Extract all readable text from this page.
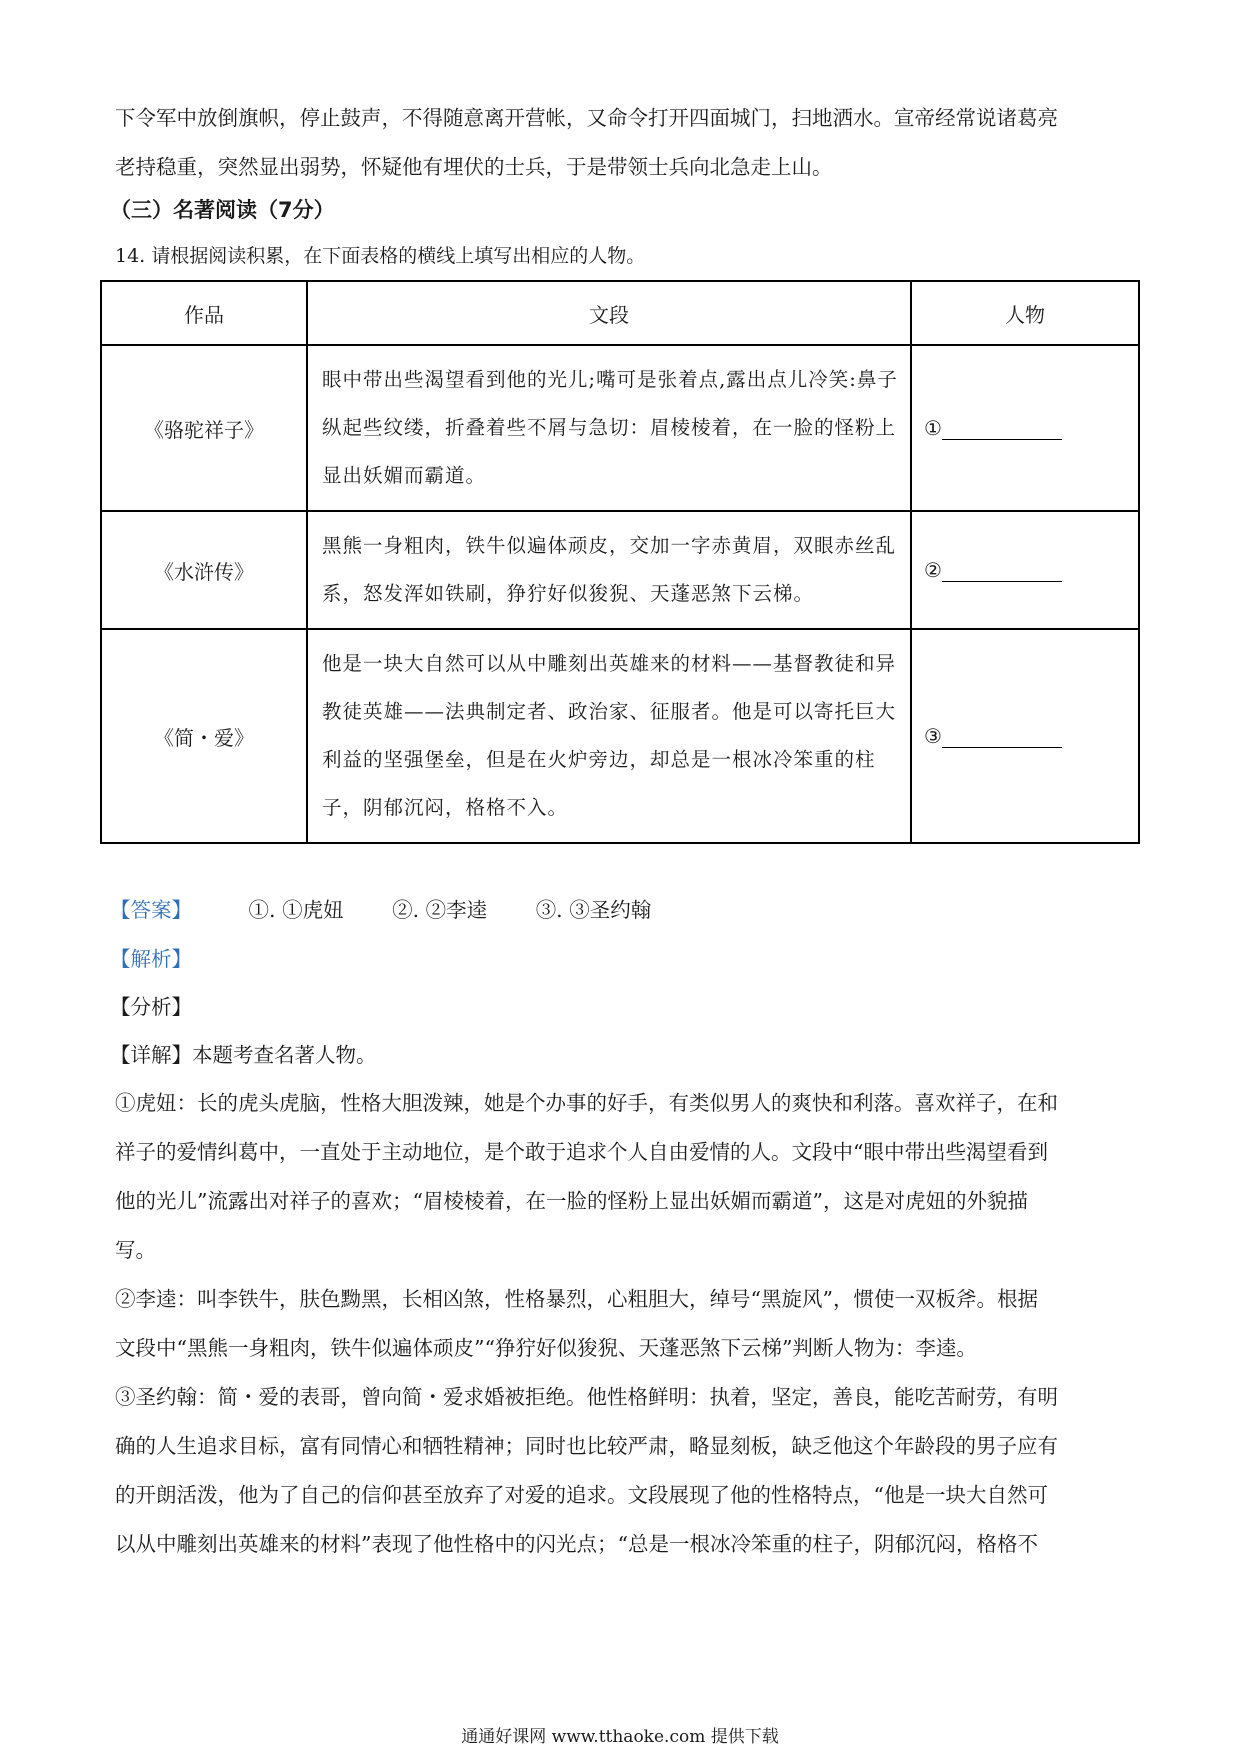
下令军中放倒旗帜，停止鼓声，不得随意离开营帐，又命令打开四面城门，扫地洒水。宣帝经常说诸葛亮
老持稳重，突然显出弱势，怀疑他有埋伏的士兵，于是带领士兵向北急走上山。
（三）名著阅读（7分）
14. 请根据阅读积累，在下面表格的横线上填写出相应的人物。
作品	文段	人物
《骆驼祥子》	眼中带出些渴望看到他的光儿;嘴可是张着点,露出点儿冷笑:鼻子纵起些纹缕，折叠着些不屑与急切：眉棱棱着，在一脸的怪粉上显出妖媚而霸道。	①
《水浒传》	黑熊一身粗肉，铁牛似遍体顽皮，交加一字赤黄眉，双眼赤丝乱系，怒发浑如铁刷，狰狞好似狻猊、天蓬恶煞下云梯。	②
《简・爱》	他是一块大自然可以从中雕刻出英雄来的材料——基督教徒和异教徒英雄——法典制定者、政治家、征服者。他是可以寄托巨大利益的坚强堡垒，但是在火炉旁边，却总是一根冰冷笨重的柱子，阴郁沉闷，格格不入。	③
【答案】	①. ①虎妞 ②. ②李逵 ③. ③圣约翰
【解析】
【分析】
【详解】本题考查名著人物。
①虎妞：长的虎头虎脑，性格大胆泼辣，她是个办事的好手，有类似男人的爽快和利落。喜欢祥子，在和
祥子的爱情纠葛中，一直处于主动地位，是个敢于追求个人自由爱情的人。文段中“眼中带出些渴望看到
他的光儿”流露出对祥子的喜欢；“眉棱棱着，在一脸的怪粉上显出妖媚而霸道”，这是对虎妞的外貌描
写。
②李逵：叫李铁牛，肤色黝黑，长相凶煞，性格暴烈，心粗胆大，绰号“黑旋风”，惯使一双板斧。根据
文段中“黑熊一身粗肉，铁牛似遍体顽皮”“狰狞好似狻猊、天蓬恶煞下云梯”判断人物为：李逵。
③圣约翰：简・爱的表哥，曾向简・爱求婚被拒绝。他性格鲜明：执着，坚定，善良，能吃苦耐劳，有明
确的人生追求目标，富有同情心和牺牲精神；同时也比较严肃，略显刻板，缺乏他这个年龄段的男子应有
的开朗活泼，他为了自己的信仰甚至放弃了对爱的追求。文段展现了他的性格特点，“他是一块大自然可
以从中雕刻出英雄来的材料”表现了他性格中的闪光点；“总是一根冰冷笨重的柱子，阴郁沉闷，格格不
通通好课网 www.tthaoke.com 提供下载
